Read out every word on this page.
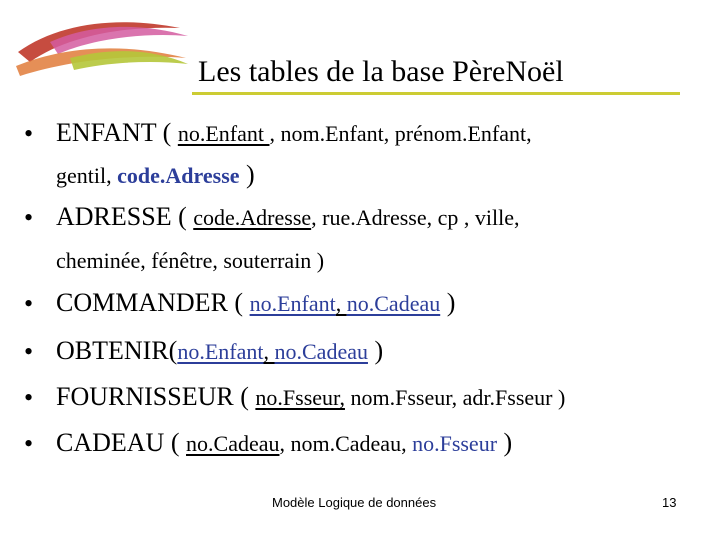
Les tables de la base PèreNoël
• ENFANT ( no.Enfant , nom.Enfant, prénom.Enfant,
gentil, code.Adresse )
• ADRESSE ( code.Adresse, rue.Adresse, cp , ville,
cheminée, fénêtre, souterrain )
• COMMANDER ( no.Enfant, no.Cadeau )
• OBTENIR(no.Enfant, no.Cadeau )
• FOURNISSEUR ( no.Fsseur, nom.Fsseur, adr.Fsseur )
• CADEAU ( no.Cadeau, nom.Cadeau, no.Fsseur )
Modèle Logique de données	13
